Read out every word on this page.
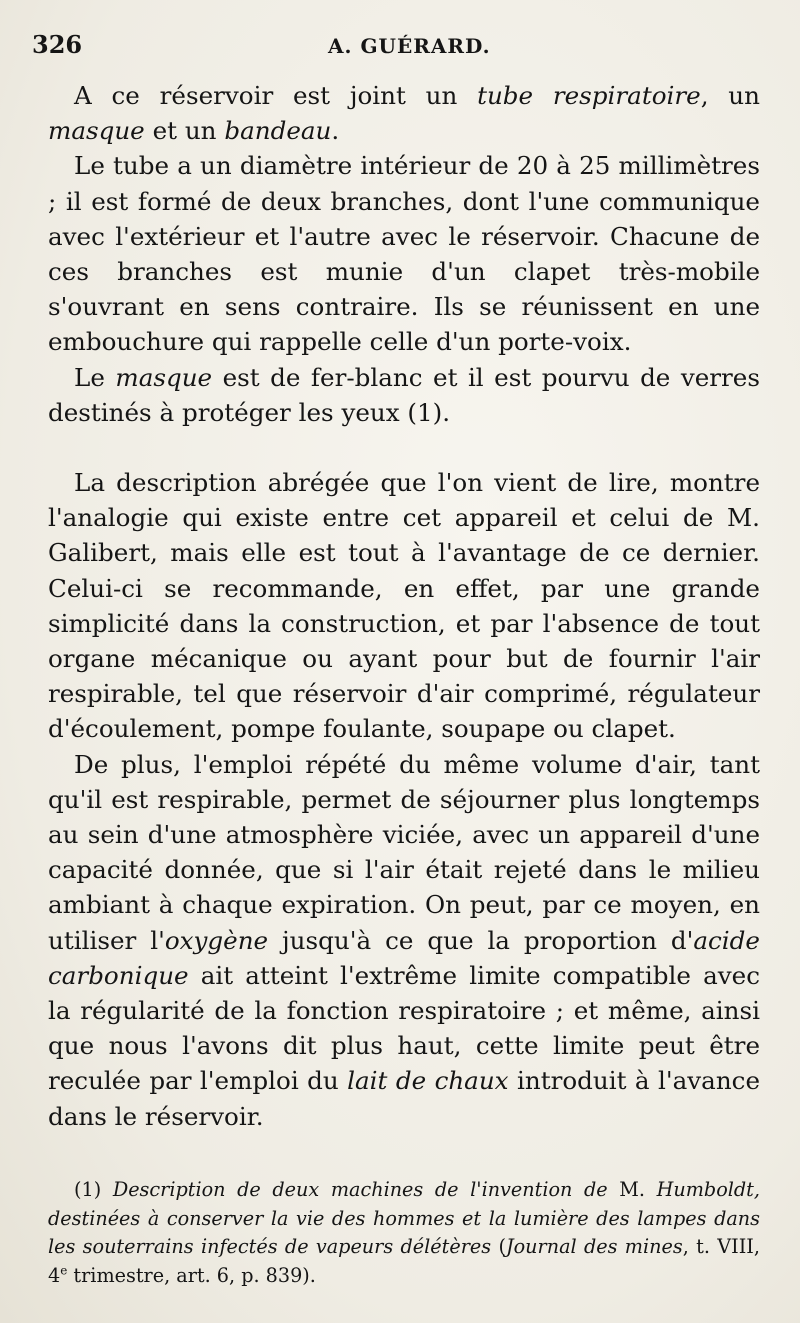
326	A. GUÉRARD.

A ce réservoir est joint un tube respiratoire, un masque et un bandeau.

Le tube a un diamètre intérieur de 20 à 25 millimètres ; il est formé de deux branches, dont l'une communique avec l'extérieur et l'autre avec le réservoir. Chacune de ces branches est munie d'un clapet très-mobile s'ouvrant en sens contraire. Ils se réunissent en une embouchure qui rappelle celle d'un porte-voix.

Le masque est de fer-blanc et il est pourvu de verres destinés à protéger les yeux (1).

La description abrégée que l'on vient de lire, montre l'analogie qui existe entre cet appareil et celui de M. Galibert, mais elle est tout à l'avantage de ce dernier. Celui-ci se recommande, en effet, par une grande simplicité dans la construction, et par l'absence de tout organe mécanique ou ayant pour but de fournir l'air respirable, tel que réservoir d'air comprimé, régulateur d'écoulement, pompe foulante, soupape ou clapet.

De plus, l'emploi répété du même volume d'air, tant qu'il est respirable, permet de séjourner plus longtemps au sein d'une atmosphère viciée, avec un appareil d'une capacité donnée, que si l'air était rejeté dans le milieu ambiant à chaque expiration. On peut, par ce moyen, en utiliser l'oxygène jusqu'à ce que la proportion d'acide carbonique ait atteint l'extrême limite compatible avec la régularité de la fonction respiratoire ; et même, ainsi que nous l'avons dit plus haut, cette limite peut être reculée par l'emploi du lait de chaux introduit à l'avance dans le réservoir.

(1) Description de deux machines de l'invention de M. Humboldt, destinées à conserver la vie des hommes et la lumière des lampes dans les souterrains infectés de vapeurs délétères (Journal des mines, t. VIII, 4e trimestre, art. 6, p. 839).
